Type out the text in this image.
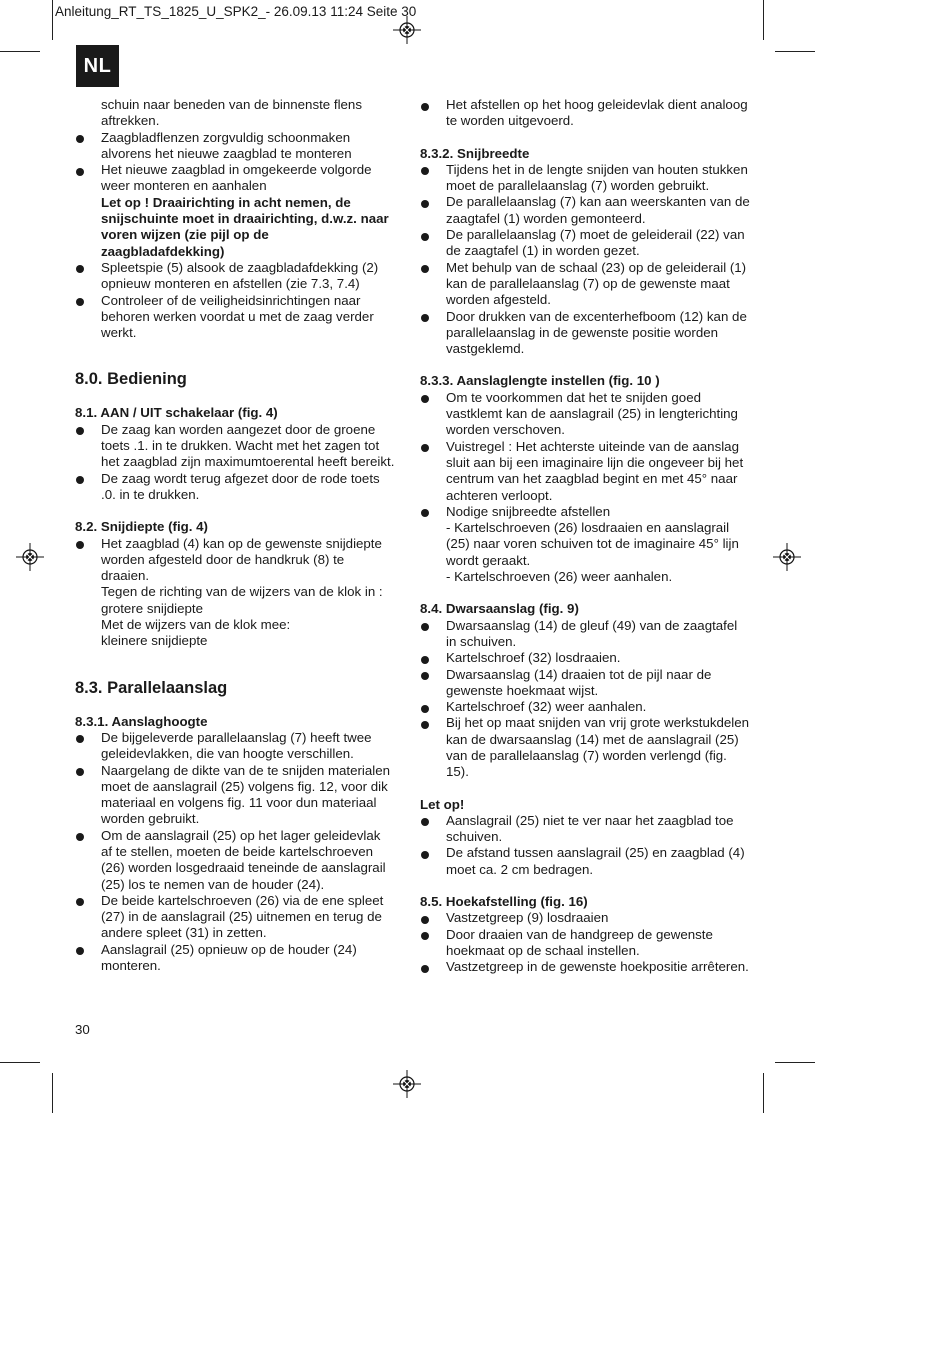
Anleitung_RT_TS_1825_U_SPK2_- 26.09.13 11:24 Seite 30
NL

schuin naar beneden van de binnenste flens aftrekken.

Zaagbladflenzen zorgvuldig schoonmaken alvorens het nieuwe zaagblad te monteren

Het nieuwe zaagblad in omgekeerde volgorde weer monteren en aanhalen

Let op ! Draairichting in acht nemen, de snijschuinte moet in draairichting, d.w.z. naar voren wijzen (zie pijl op de zaagbladafdekking)

Spleetspie (5) alsook de zaagbladafdekking (2) opnieuw monteren en afstellen (zie 7.3, 7.4)

Controleer of de veiligheidsinrichtingen naar behoren werken voordat u met de zaag verder werkt.

8.0. Bediening

8.1. AAN / UIT schakelaar (fig. 4)

De zaag kan worden aangezet door de groene toets .1. in te drukken. Wacht met het zagen tot het zaagblad zijn maximumtoerental heeft bereikt.

De zaag wordt terug afgezet door de rode toets .0. in te drukken.

8.2. Snijdiepte (fig. 4)

Het zaagblad (4) kan op de gewenste snijdiepte worden afgesteld door de handkruk (8) te draaien.

Tegen de richting van de wijzers van de klok in :

grotere snijdiepte

Met de wijzers van de klok mee:

kleinere snijdiepte

8.3. Parallelaanslag

8.3.1. Aanslaghoogte

De bijgeleverde parallelaanslag (7) heeft twee geleidevlakken, die van hoogte verschillen.

Naargelang de dikte van de te snijden materialen moet de aanslagrail (25) volgens fig. 12, voor dik materiaal en volgens fig. 11 voor dun materiaal worden gebruikt.

Om de aanslagrail (25) op het lager geleidevlak af te stellen, moeten de beide kartelschroeven (26) worden losgedraaid teneinde de aanslagrail (25) los te nemen van de houder (24).

De beide kartelschroeven (26) via de ene spleet (27) in de aanslagrail (25) uitnemen en terug de andere spleet (31) in zetten.

Aanslagrail (25) opnieuw op de houder (24) monteren.

Het afstellen op het hoog geleidevlak dient analoog te worden uitgevoerd.

8.3.2. Snijbreedte

Tijdens het in de lengte snijden van houten stukken moet de parallelaanslag (7) worden gebruikt.

De parallelaanslag (7) kan aan weerskanten van de zaagtafel (1) worden gemonteerd.

De parallelaanslag (7) moet de geleiderail (22) van de zaagtafel (1) in worden gezet.

Met behulp van de schaal (23) op de geleiderail (1) kan de parallelaanslag (7) op de gewenste maat worden afgesteld.

Door drukken van de excenterhefboom (12) kan de parallelaanslag in de gewenste positie worden vastgeklemd.

8.3.3. Aanslaglengte instellen (fig. 10 )

Om te voorkommen dat het te snijden goed vastklemt kan de aanslagrail (25) in lengterichting worden verschoven.

Vuistregel : Het achterste uiteinde van de aanslag sluit aan bij een imaginaire lijn die ongeveer bij het centrum van het zaagblad begint en met 45° naar achteren verloopt.

Nodige snijbreedte afstellen

- Kartelschroeven (26) losdraaien en aanslagrail (25) naar voren schuiven tot de imaginaire 45° lijn wordt geraakt.

- Kartelschroeven (26) weer aanhalen.

8.4. Dwarsaanslag (fig. 9)

Dwarsaanslag (14) de gleuf (49) van de zaagtafel in schuiven.

Kartelschroef (32) losdraaien.

Dwarsaanslag (14) draaien tot de pijl naar de gewenste hoekmaat wijst.

Kartelschroef (32) weer aanhalen.

Bij het op maat snijden van vrij grote werkstukdelen kan de dwarsaanslag (14) met de aanslagrail (25) van de parallelaanslag (7) worden verlengd (fig. 15).

Let op!

Aanslagrail (25) niet te ver naar het zaagblad toe schuiven.

De afstand tussen aanslagrail (25) en zaagblad (4) moet ca. 2 cm bedragen.

8.5. Hoekafstelling (fig. 16)

Vastzetgreep (9) losdraaien

Door draaien van de handgreep de gewenste hoekmaat op de schaal instellen.

Vastzetgreep in de gewenste hoekpositie arrêteren.

30
